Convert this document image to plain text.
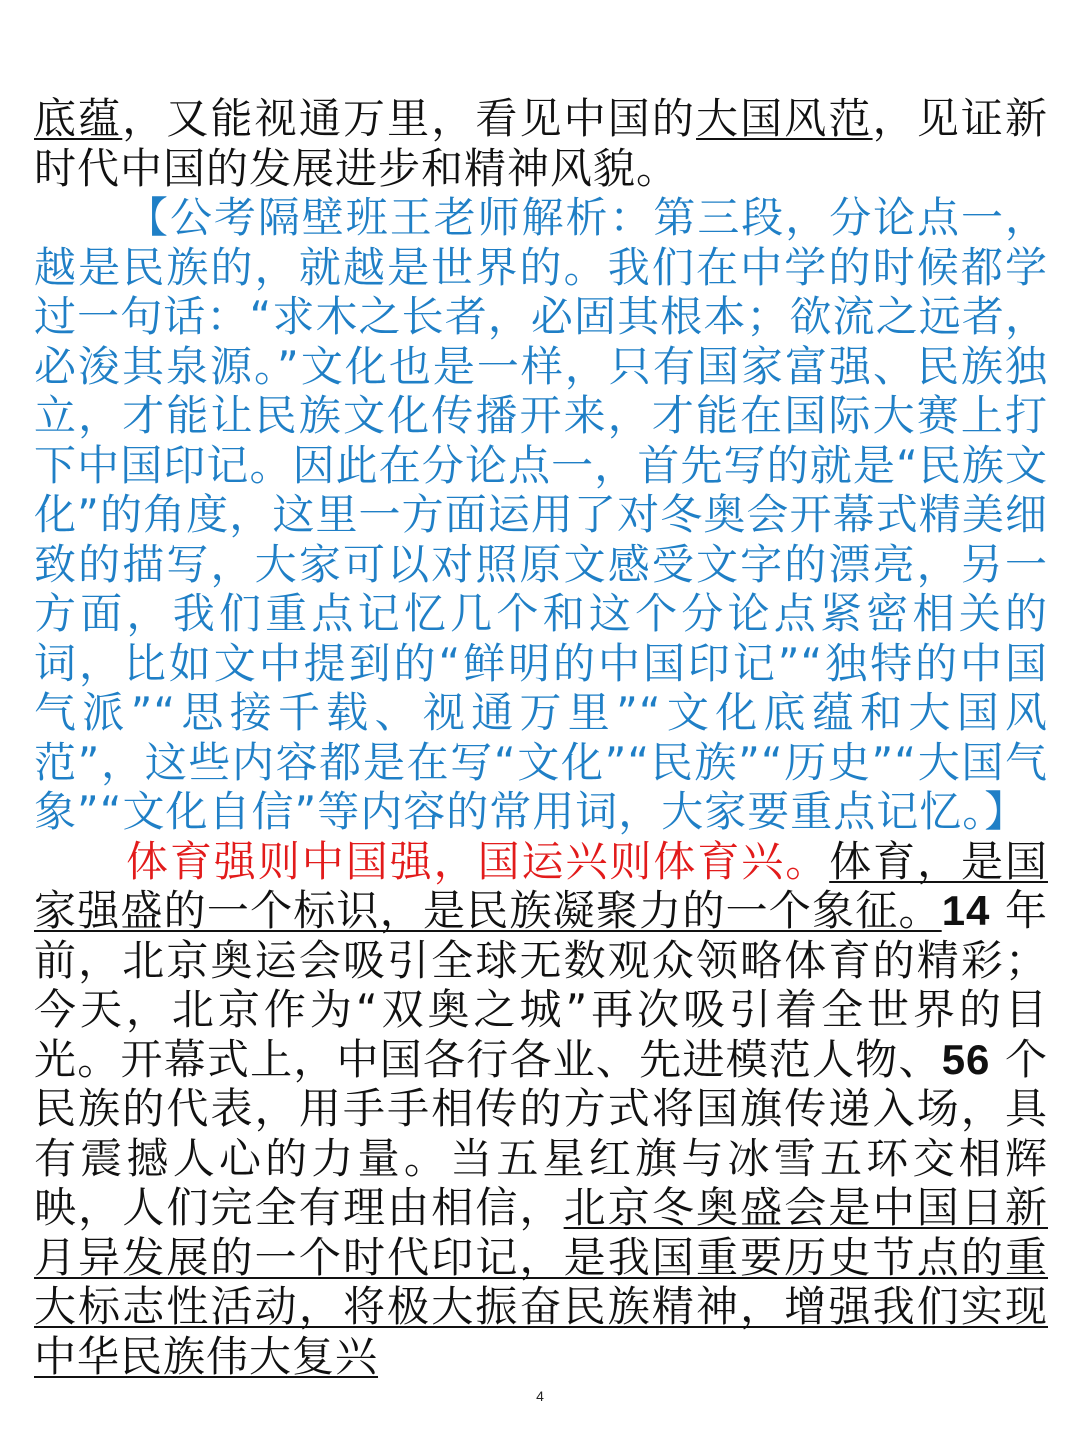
底蕴，又能视通万里，看见中国的大国风范，见证新时代中国的发展进步和精神风貌。

【公考隔壁班王老师解析：第三段，分论点一，越是民族的，就越是世界的。我们在中学的时候都学过一句话：“求木之长者，必固其根本；欲流之远者，必浚其泉源。”文化也是一样，只有国家富强、民族独立，才能让民族文化传播开来，才能在国际大赛上打下中国印记。因此在分论点一，首先写的就是“民族文化”的角度，这里一方面运用了对冬奥会开幕式精美细致的描写，大家可以对照原文感受文字的漂亮，另一方面，我们重点记忆几个和这个分论点紧密相关的词，比如文中提到的“鲜明的中国印记”“独特的中国气派”“思接千载、视通万里”“文化底蕴和大国风范”，这些内容都是在写“文化”“民族”“历史”“大国气象”“文化自信”等内容的常用词，大家要重点记忆。】

体育强则中国强，国运兴则体育兴。体育，是国家强盛的一个标识，是民族凝聚力的一个象征。14 年前，北京奥运会吸引全球无数观众领略体育的精彩；今天，北京作为“双奥之城”再次吸引着全世界的目光。开幕式上，中国各行各业、先进模范人物、56 个民族的代表，用手手相传的方式将国旗传递入场，具有震撼人心的力量。当五星红旗与冰雪五环交相辉映，人们完全有理由相信，北京冬奥盛会是中国日新月异发展的一个时代印记，是我国重要历史节点的重大标志性活动，将极大振奋民族精神，增强我们实现中华民族伟大复兴

4
